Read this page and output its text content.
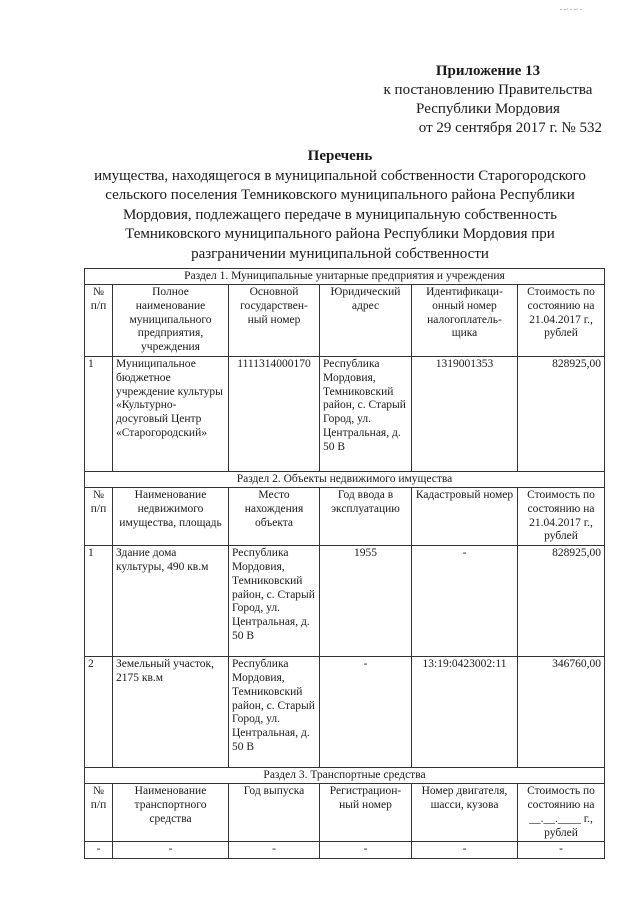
ـ ،ـ ـ ،ـ ـ
Приложение 13
к постановлению Правительства
Республики Мордовия
от 29 сентября 2017 г. № 532
Перечень
имущества, находящегося в муниципальной собственности Старогородского
сельского поселения Темниковского муниципального района Республики
Мордовия, подлежащего передаче в муниципальную собственность
Темниковского муниципального района Республики Мордовия при
разграничении муниципальной собственности
Раздел 1. Муниципальные унитарные предприятия и учреждения					
№ п/п	Полное наименование муниципального предприятия, учреждения	Основной государствен-ный номер	Юридический адрес	Идентификаци-онный номер налогоплатель-щика	Стоимость по состоянию на 21.04.2017 г., рублей
1	Муниципальное бюджетное учреждение культуры «Культурно-досуговый Центр «Старогородский»	1111314000170	Республика Мордовия, Темниковский район, с. Старый Город, ул. Центральная, д. 50 В	1319001353	828925,00
Раздел 2. Объекты недвижимого имущества					
№ п/п	Наименование недвижимого имущества, площадь	Место нахождения объекта	Год ввода в эксплуатацию	Кадастровый номер	Стоимость по состоянию на 21.04.2017 г., рублей
1	Здание дома культуры, 490 кв.м	Республика Мордовия, Темниковский район, с. Старый Город, ул. Центральная, д. 50 В	1955	-	828925,00
2	Земельный участок, 2175 кв.м	Республика Мордовия, Темниковский район, с. Старый Город, ул. Центральная, д. 50 В	-	13:19:0423002:11	346760,00
Раздел 3. Транспортные средства					
№ п/п	Наименование транспортного средства	Год выпуска	Регистрацион-ный номер	Номер двигателя, шасси, кузова	Стоимость по состоянию на __.__.____ г., рублей
-	-	-	-	-	-
